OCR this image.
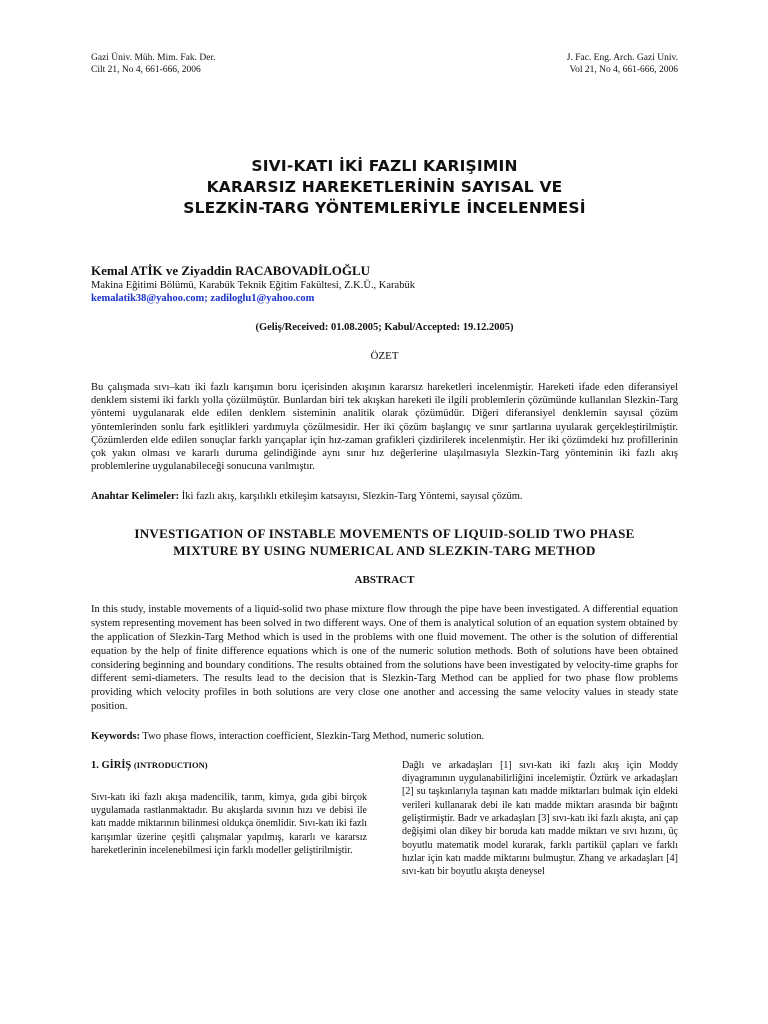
Gazi Üniv. Müh. Mim. Fak. Der.
Cilt 21, No 4, 661-666, 2006
J. Fac. Eng. Arch. Gazi Univ.
Vol 21, No 4, 661-666, 2006
SIVI-KATI İKİ FAZLI KARIŞIMIN
KARARSIZ HAREKETLERİNİN SAYISAL VE
SLEZKİN-TARG YÖNTEMLERİYLE İNCELENMESİ
Kemal ATİK ve Ziyaddin RACABOVADİLOĞLU
Makina Eğitimi Bölümü, Karabük Teknik Eğitim Fakültesi, Z.K.Ü., Karabük
kemalatik38@yahoo.com; zadiloglu1@yahoo.com
(Geliş/Received: 01.08.2005; Kabul/Accepted: 19.12.2005)
ÖZET
Bu çalışmada sıvı–katı iki fazlı karışımın boru içerisinden akışının kararsız hareketleri incelenmiştir. Hareketi ifade eden diferansiyel denklem sistemi iki farklı yolla çözülmüştür. Bunlardan biri tek akışkan hareketi ile ilgili problemlerin çözümünde kullanılan Slezkin-Targ yöntemi uygulanarak elde edilen denklem sisteminin analitik olarak çözümüdür. Diğeri diferansiyel denklemin sayısal çözüm yöntemlerinden sonlu fark eşitlikleri yardımıyla çözülmesidir. Her iki çözüm başlangıç ve sınır şartlarına uyularak gerçekleştirilmiştir. Çözümlerden elde edilen sonuçlar farklı yarıçaplar için hız-zaman grafikleri çizdirilerek incelenmiştir. Her iki çözümdeki hız profillerinin çok yakın olması ve kararlı duruma gelindiğinde aynı sınır hız değerlerine ulaşılmasıyla Slezkin-Targ yönteminin iki fazlı akış problemlerine uygulanabileceği sonucuna varılmıştır.
Anahtar Kelimeler: İki fazlı akış, karşılıklı etkileşim katsayısı, Slezkin-Targ Yöntemi, sayısal çözüm.
INVESTIGATION OF INSTABLE MOVEMENTS OF LIQUID-SOLID TWO PHASE
MIXTURE BY USING NUMERICAL AND SLEZKIN-TARG METHOD
ABSTRACT
In this study, instable movements of a liquid-solid two phase mixture flow through the pipe have been investigated. A differential equation system representing movement has been solved in two different ways. One of them is analytical solution of an equation system obtained by the application of Slezkin-Targ Method which is used in the problems with one fluid movement. The other is the solution of differential equation by the help of finite difference equations which is one of the numeric solution methods. Both of solutions have been obtained considering beginning and boundary conditions. The results obtained from the solutions have been investigated by velocity-time graphs for different semi-diameters. The results lead to the decision that is Slezkin-Targ Method can be applied for two phase flow problems providing which velocity profiles in both solutions are very close one another and accessing the same velocity values in steady state position.
Keywords: Two phase flows, interaction coefficient, Slezkin-Targ Method, numeric solution.
1. GİRİŞ (INTRODUCTION)
Sıvı-katı iki fazlı akışa madencilik, tarım, kimya, gıda gibi birçok uygulamada rastlanmaktadır. Bu akışlarda sıvının hızı ve debisi ile katı madde miktarının bilinmesi oldukça önemlidir. Sıvı-katı iki fazlı karışımlar üzerine çeşitli çalışmalar yapılmış, kararlı ve kararsız hareketlerinin incelenebilmesi için farklı modeller geliştirilmiştir.
Dağlı ve arkadaşları [1] sıvı-katı iki fazlı akış için Moddy diyagramının uygulanabilirliğini incelemiştir. Öztürk ve arkadaşları [2] su taşkınlarıyla taşınan katı madde miktarları bulmak için eldeki verileri kullanarak debi ile katı madde miktarı arasında bir bağıntı geliştirmiştir. Badr ve arkadaşları [3] sıvı-katı iki fazlı akışta, ani çap değişimi olan dikey bir boruda katı madde miktarı ve sıvı hızını, üç boyutlu matematik model kurarak, farklı partikül çapları ve farklı hızlar için katı madde miktarını bulmuştur. Zhang ve arkadaşları [4] sıvı-katı bir boyutlu akışta deneysel
